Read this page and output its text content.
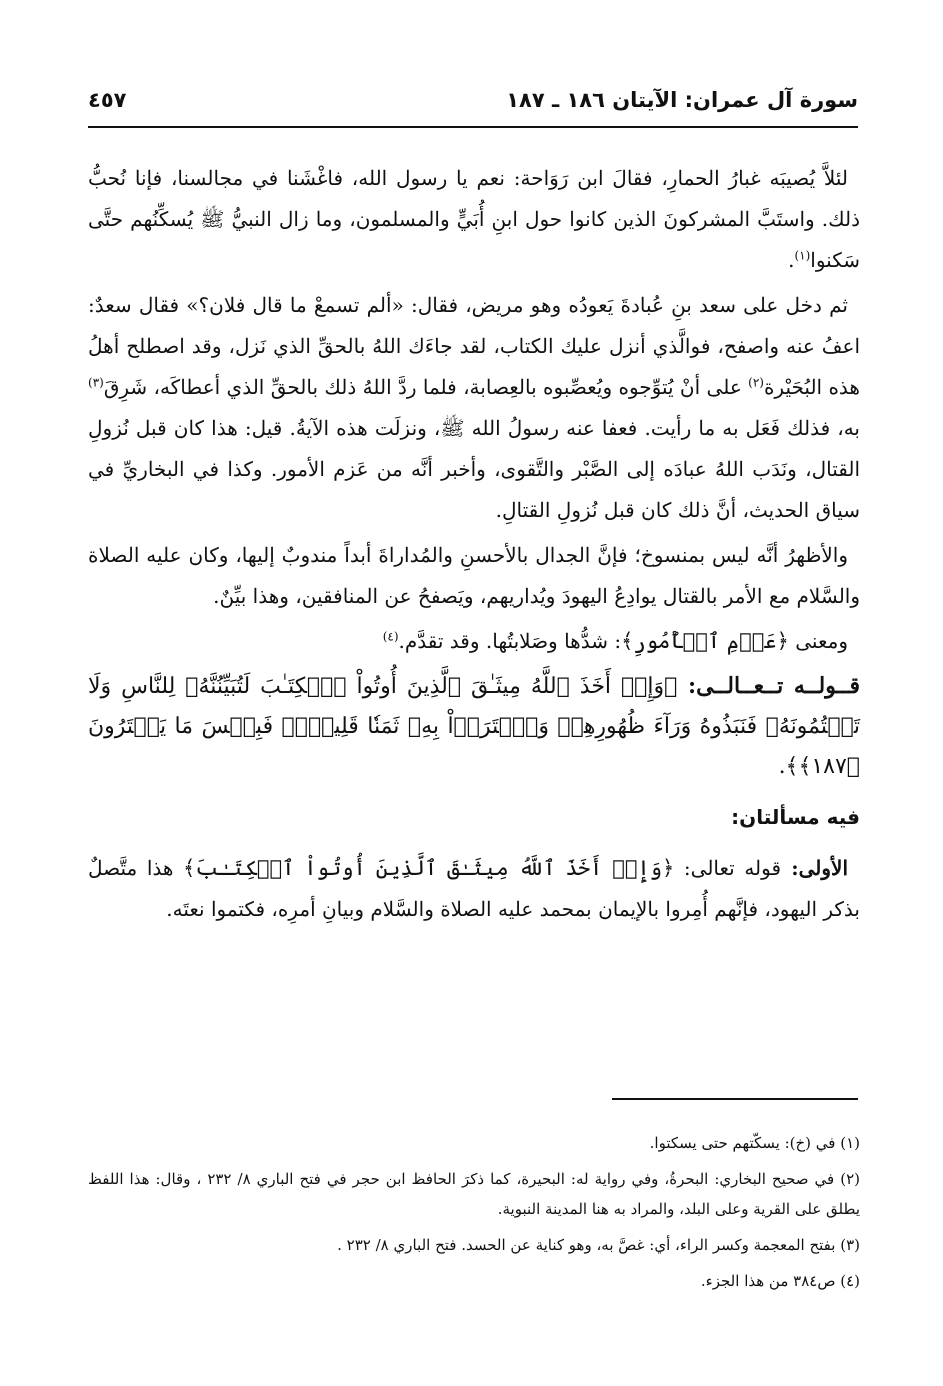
سورة آل عمران: الآيتان ١٨٦ ـ ١٨٧
٤٥٧

لئلاَّ يُصيبَه غبارُ الحمارِ، فقالَ ابن رَوَاحة: نعم يا رسول الله، فاغْشَنا في مجالسنا، فإنا نُحبُّ ذلك. واستَبَّ المشركونَ الذين كانوا حول ابنِ أُبَيٍّ والمسلمون، وما زال النبيُّ ﷺ يُسكِّنُهم حتَّى سَكنوا$^{(١)}$.

ثم دخل على سعد بنِ عُبادةَ يَعودُه وهو مريض، فقال: «ألم تسمعْ ما قال فلان؟» فقال سعدٌ: اعفُ عنه واصفح، فوالَّذي أنزل عليك الكتاب، لقد جاءَك اللهُ بالحقِّ الذي نَزل، وقد اصطلح أهلُ هذه البُحَيْرة$^{(٢)}$ على أنْ يُتوِّجوه ويُعصِّبوه بالعِصابة، فلما ردَّ اللهُ ذلك بالحقِّ الذي أعطاكَه، شَرِقَ$^{(٣)}$ به، فذلك فَعَل به ما رأيت. فعفا عنه رسولُ الله ﷺ، ونزلَت هذه الآيةُ. قيل: هذا كان قبل نُزولِ القتال، ونَدَب اللهُ عبادَه إلى الصَّبْر والتَّقوى، وأخبر أنَّه من عَزم الأمور. وكذا في البخاريِّ في سياق الحديث، أنَّ ذلك كان قبل نُزولِ القتالِ.

والأظهرُ أنَّه ليس بمنسوخ؛ فإنَّ الجدال بالأحسنِ والمُداراةَ أبداً مندوبٌ إليها، وكان عليه الصلاة والسَّلام مع الأمر بالقتال يوادِعُ اليهودَ ويُداريهم، ويَصفحُ عن المنافقين، وهذا بيِّنٌ.

ومعنى ﴿عَزۡمِ ٱلۡأُمُورِ﴾: شدُّها وصَلابتُها. وقد تقدَّم.$^{(٤)}$

قــولــه تــعــالــى: ﴿وَإِذۡ أَخَذَ ٱللَّهُ مِيثَـٰقَ ٱلَّذِينَ أُوتُواْ ٱلۡكِتَـٰبَ لَتُبَيِّنُنَّهُۥ لِلنَّاسِ وَلَا تَكۡتُمُونَهُۥ فَنَبَذُوهُ وَرَآءَ ظُهُورِهِمۡ وَٱشۡتَرَوۡاْ بِهِۦ ثَمَنٗا قَلِيلٗاۖ فَبِئۡسَ مَا يَشۡتَرُونَ ﴿١٨٧﴾﴾.

فيه مسألتان:

الأولى: قوله تعالى: ﴿وَإِذۡ أَخَذَ ٱللَّهُ مِيثَـٰقَ ٱلَّذِينَ أُوتُواْ ٱلۡكِتَـٰبَ﴾ هذا متَّصلٌ بذكر اليهود، فإنَّهم أُمِروا بالإيمان بمحمد عليه الصلاة والسَّلام وبيانِ أمرِه، فكتموا نعتَه.

(١) في (خ): يسكّتهم حتى يسكتوا.

(٢) في صحيح البخاري: البحرةُ، وفي رواية له: البحيرة، كما ذكرَ الحافظ ابن حجر في فتح الباري ٨/ ٢٣٢ ، وقال: هذا اللفظ يطلق على القرية وعلى البلد، والمراد به هنا المدينة النبوية.

(٣) بفتح المعجمة وكسر الراء، أي: غصَّ به، وهو كناية عن الحسد. فتح الباري ٨/ ٢٣٢ .

(٤) ص٣٨٤ من هذا الجزء.
